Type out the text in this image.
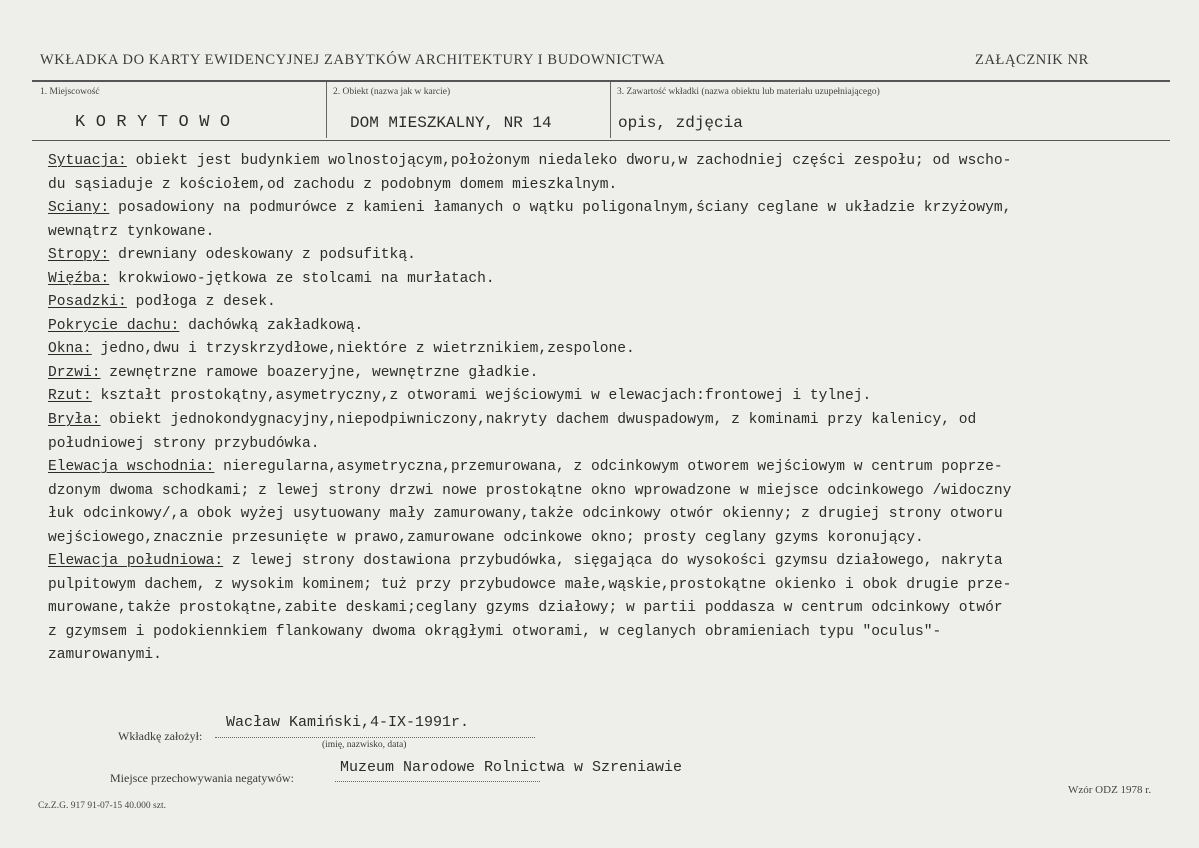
WKŁADKA DO KARTY EWIDENCYJNEJ ZABYTKÓW ARCHITEKTURY I BUDOWNICTWA	ZAŁĄCZNIK NR
1. Miejscowość	2. Obiekt (nazwa jak w karcie)	3. Zawartość wkładki (nazwa obiektu lub materiału uzupełniającego)
KORYTOWO	DOM MIESZKALNY, NR 14	opis, zdjęcia
Sytuacja: obiekt jest budynkiem wolnostojącym,położonym niedaleko dworu,w zachodniej części zespołu; od wscho-
du sąsiaduje z kościołem,od zachodu z podobnym domem mieszkalnym.
Sciany: posadowiony na podmurówce z kamieni łamanych o wątku poligonalnym,ściany ceglane w układzie krzyżowym,
wewnątrz tynkowane.
Stropy: drewniany odeskowany z podsufitką.
Więźba: krokwiowo-jętkowa ze stolcami na murłatach.
Posadzki: podłoga z desek.
Pokrycie dachu: dachówką zakładkową.
Okna: jedno,dwu i trzyskrzydłowe,niektóre z wietrznikiem,zespolone.
Drzwi: zewnętrzne ramowe boazeryjne, wewnętrzne gładkie.
Rzut: kształt prostokątny,asymetryczny,z otworami wejściowymi w elewacjach:frontowej i tylnej.
Bryła: obiekt jednokondygnacyjny,niepodpiwniczony,nakryty dachem dwuspadowym, z kominami przy kalenicy, od
południowej strony przybudówka.
Elewacja wschodnia: nieregularna,asymetryczna,przemurowana, z odcinkowym otworem wejściowym w centrum poprze-
dzonym dwoma schodkami; z lewej strony drzwi nowe prostokątne okno wprowadzone w miejsce odcinkowego /widoczny
łuk odcinkowy/,a obok wyżej usytuowany mały zamurowany,także odcinkowy otwór okienny; z drugiej strony otworu
wejściowego,znacznie przesunięte w prawo,zamurowane odcinkowe okno; prosty ceglany gzyms koronujący.
Elewacja południowa: z lewej strony dostawiona przybudówka, sięgająca do wysokości gzymsu działowego, nakryta
pulpitowym dachem, z wysokim kominem; tuż przy przybudowce małe,wąskie,prostokątne okienko i obok drugie prze-
murowane,także prostokątne,zabite deskami;ceglany gzyms działowy; w partii poddasza w centrum odcinkowy otwór
z gzymsem i podokiennkiem flankowany dwoma okrągłymi otworami, w ceglanych obramieniach typu "oculus"-
zamurowanymi.
Wkładkę założył:
Wacław Kamiński,4-IX-1991r.
(imię, nazwisko, data)
Miejsce przechowywania negatywów:
Muzeum Narodowe Rolnictwa w Szreniawie
Cz.Z.G. 917 91-07-15 40.000 szt.
Wzór ODZ 1978 r.
